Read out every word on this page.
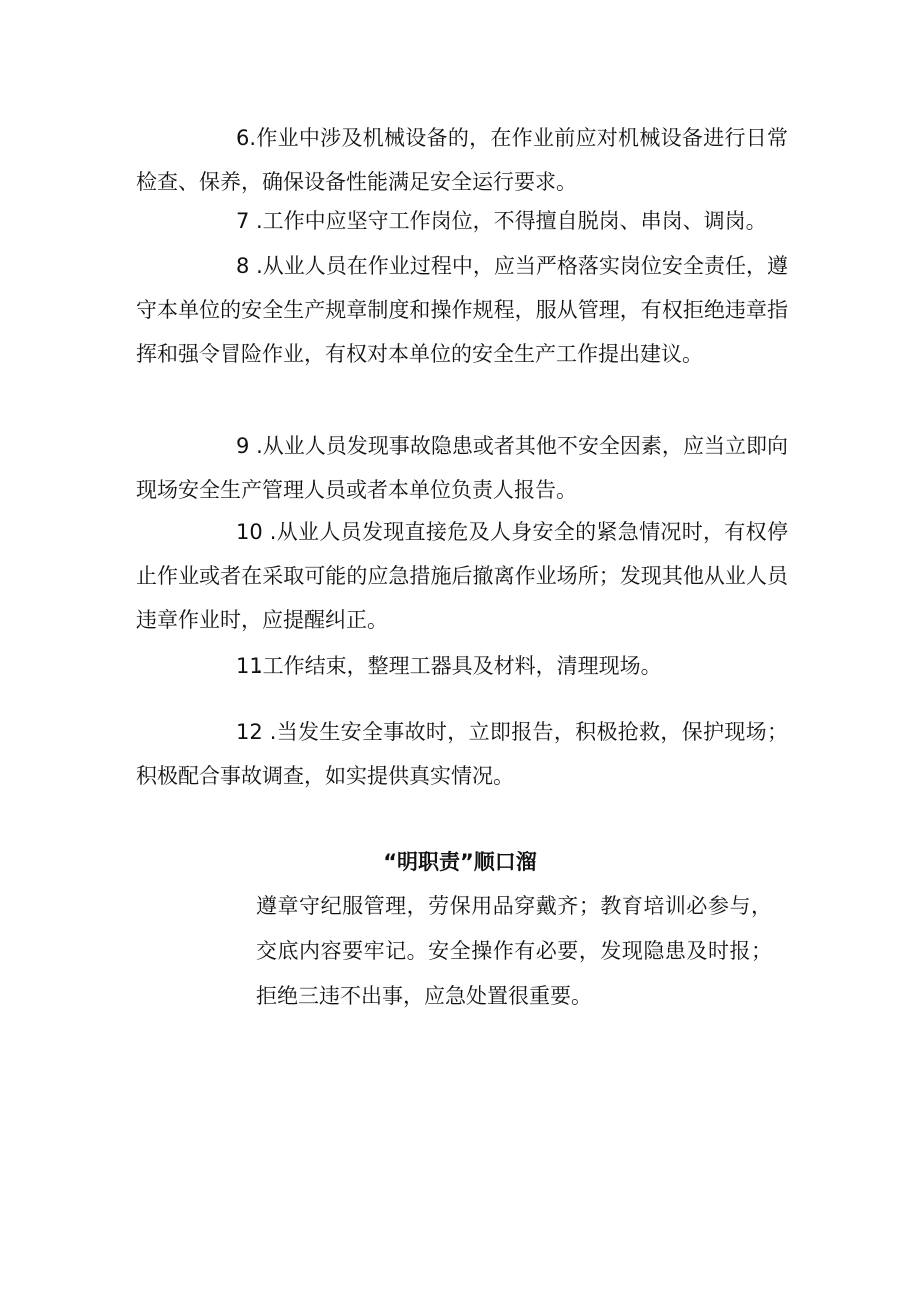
6.作业中涉及机械设备的，在作业前应对机械设备进行日常检查、保养，确保设备性能满足安全运行要求。

7 .工作中应坚守工作岗位，不得擅自脱岗、串岗、调岗。

8 .从业人员在作业过程中，应当严格落实岗位安全责任，遵守本单位的安全生产规章制度和操作规程，服从管理，有权拒绝违章指挥和强令冒险作业，有权对本单位的安全生产工作提出建议。

9 .从业人员发现事故隐患或者其他不安全因素，应当立即向现场安全生产管理人员或者本单位负责人报告。

10 .从业人员发现直接危及人身安全的紧急情况时，有权停止作业或者在采取可能的应急措施后撤离作业场所；发现其他从业人员违章作业时，应提醒纠正。

11.工作结束，整理工器具及材料，清理现场。

12 .当发生安全事故时，立即报告，积极抢救，保护现场；积极配合事故调查，如实提供真实情况。

“明职责”顺口溜

遵章守纪服管理，劳保用品穿戴齐；教育培训必参与，交底内容要牢记。安全操作有必要，发现隐患及时报；拒绝三违不出事，应急处置很重要。
